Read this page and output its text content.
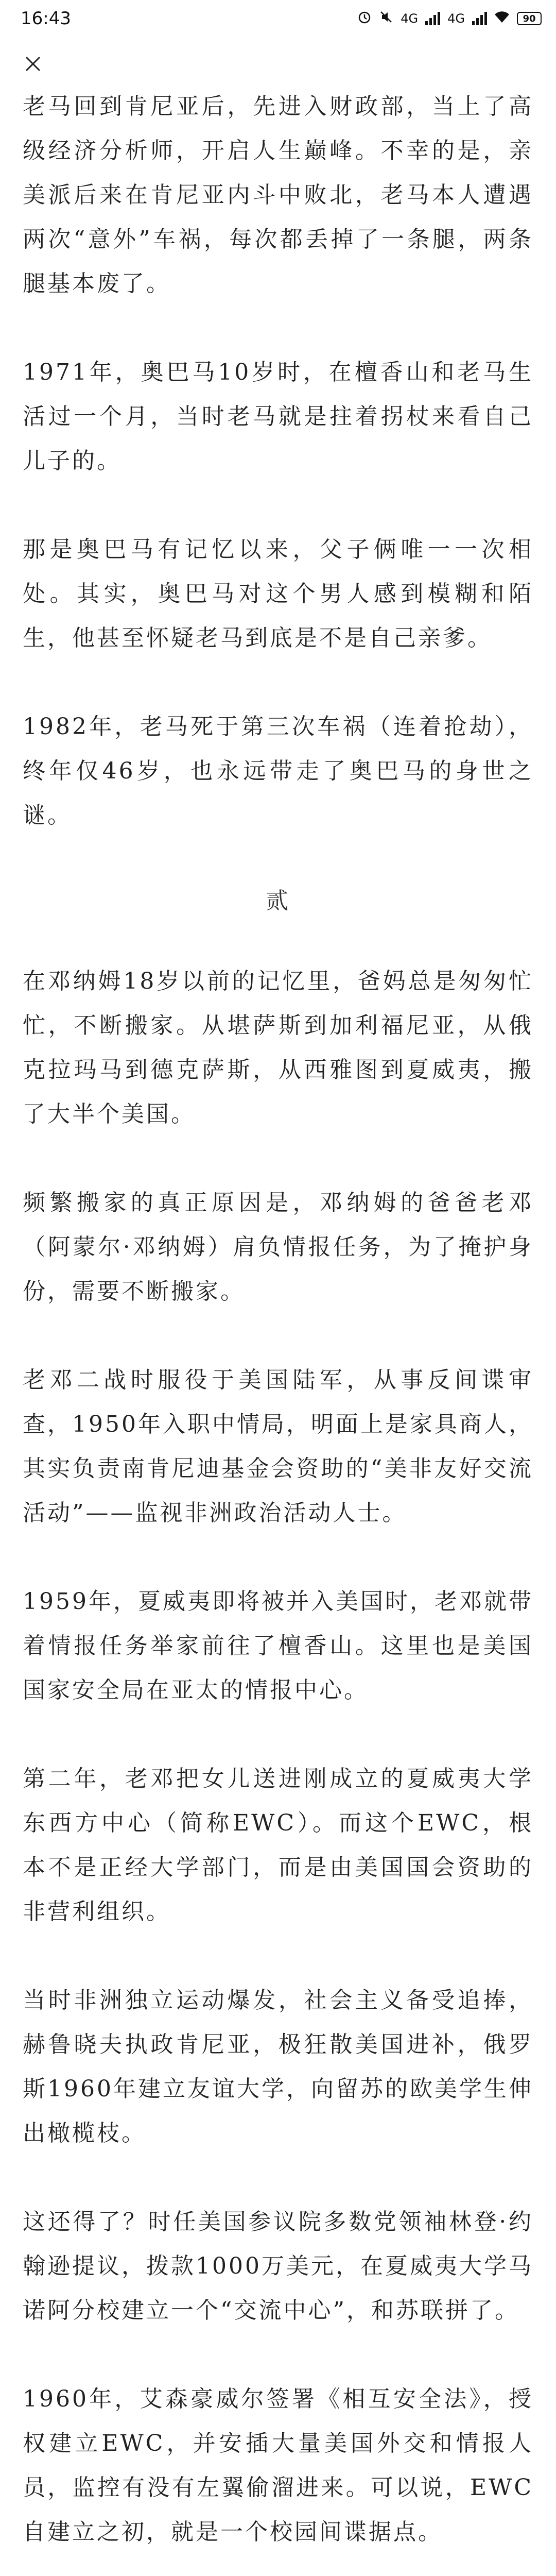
16:43	4G 4G	90

老马回到肯尼亚后，先进入财政部，当上了高级经济分析师，开启人生巅峰。不幸的是，亲美派后来在肯尼亚内斗中败北，老马本人遭遇两次“意外”车祸，每次都丢掉了一条腿，两条腿基本废了。

1971年，奥巴马10岁时，在檀香山和老马生活过一个月，当时老马就是拄着拐杖来看自己儿子的。

那是奥巴马有记忆以来，父子俩唯一一次相处。其实，奥巴马对这个男人感到模糊和陌生，他甚至怀疑老马到底是不是自己亲爹。

1982年，老马死于第三次车祸（连着抢劫），终年仅46岁，也永远带走了奥巴马的身世之谜。

贰

在邓纳姆18岁以前的记忆里，爸妈总是匆匆忙忙，不断搬家。从堪萨斯到加利福尼亚，从俄克拉玛马到德克萨斯，从西雅图到夏威夷，搬了大半个美国。

频繁搬家的真正原因是，邓纳姆的爸爸老邓（阿蒙尔·邓纳姆）肩负情报任务，为了掩护身份，需要不断搬家。

老邓二战时服役于美国陆军，从事反间谍审查，1950年入职中情局，明面上是家具商人，其实负责南肯尼迪基金会资助的“美非友好交流活动”——监视非洲政治活动人士。

1959年，夏威夷即将被并入美国时，老邓就带着情报任务举家前往了檀香山。这里也是美国国家安全局在亚太的情报中心。

第二年，老邓把女儿送进刚成立的夏威夷大学东西方中心（简称EWC）。而这个EWC，根本不是正经大学部门，而是由美国国会资助的非营利组织。

当时非洲独立运动爆发，社会主义备受追捧，赫鲁晓夫执政肯尼亚，极狂散美国进补，俄罗斯1960年建立友谊大学，向留苏的欧美学生伸出橄榄枝。

这还得了？时任美国参议院多数党领袖林登·约翰逊提议，拨款1000万美元，在夏威夷大学马诺阿分校建立一个“交流中心”，和苏联拼了。

1960年，艾森豪威尔签署《相互安全法》，授权建立EWC，并安插大量美国外交和情报人员，监控有没有左翼偷溜进来。可以说，EWC自建立之初，就是一个校园间谍据点。
